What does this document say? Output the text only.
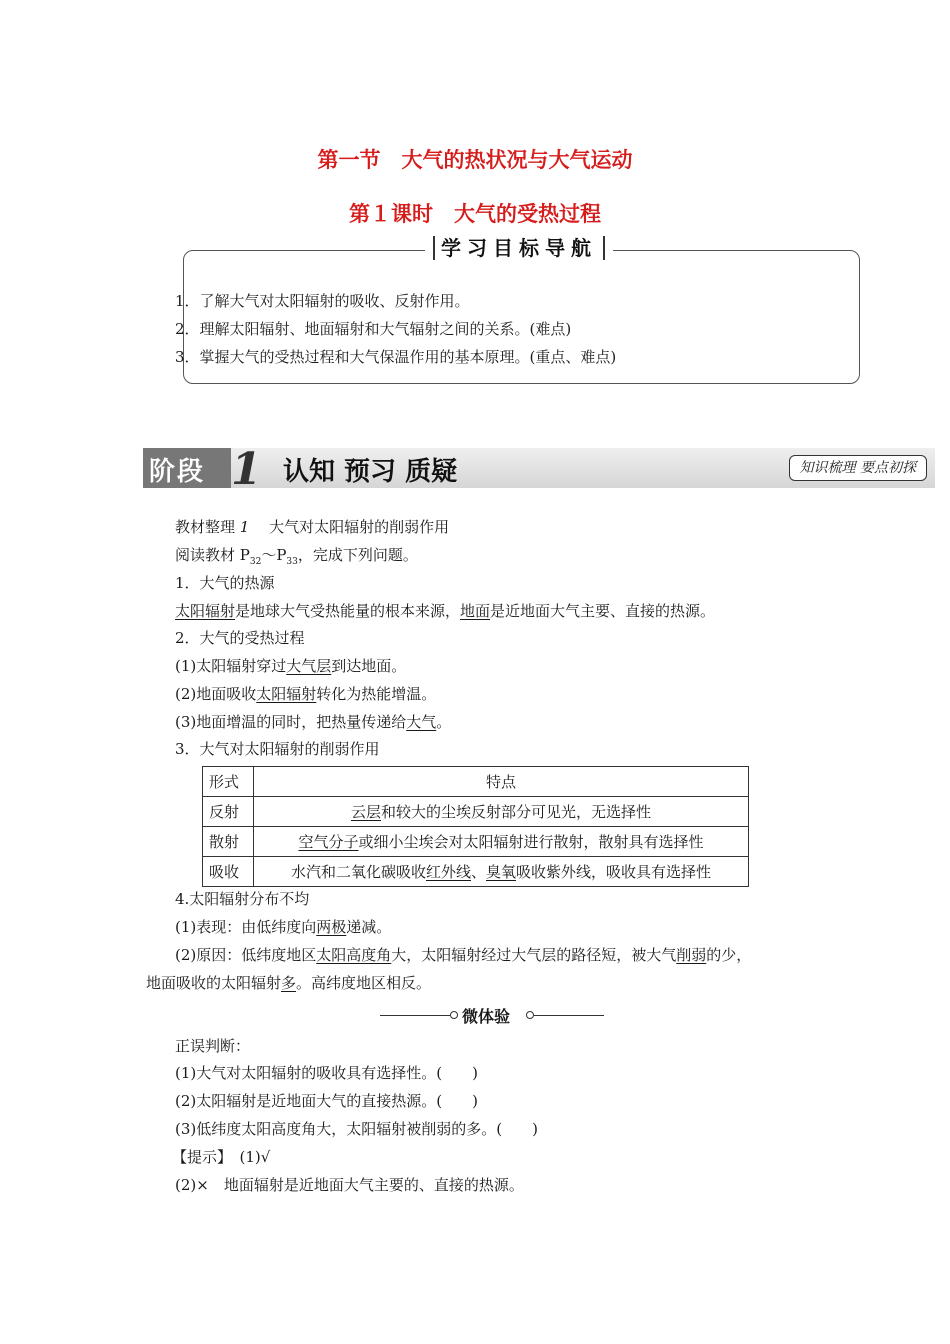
第一节　大气的热状况与大气运动
第１课时　大气的受热过程
学习目标导航
1．了解大气对太阳辐射的吸收、反射作用。
2．理解太阳辐射、地面辐射和大气辐射之间的关系。(难点)
3．掌握大气的受热过程和大气保温作用的基本原理。(重点、难点)
阶段 1 认知 预习 质疑	知识梳理 要点初探
教材整理 1　 大气对太阳辐射的削弱作用
阅读教材 $P_{32}\sim P_{33}$，完成下列问题。
1．大气的热源
太阳辐射是地球大气受热能量的根本来源，地面是近地面大气主要、直接的热源。
2．大气的受热过程
(1)太阳辐射穿过大气层到达地面。
(2)地面吸收太阳辐射转化为热能增温。
(3)地面增温的同时，把热量传递给大气。
3．大气对太阳辐射的削弱作用
形式	特点
反射	云层和较大的尘埃反射部分可见光，无选择性
散射	空气分子或细小尘埃会对太阳辐射进行散射，散射具有选择性
吸收	水汽和二氧化碳吸收红外线、臭氧吸收紫外线，吸收具有选择性
4.太阳辐射分布不均
(1)表现：由低纬度向两极递减。
(2)原因：低纬度地区太阳高度角大，太阳辐射经过大气层的路径短，被大气削弱的少，
地面吸收的太阳辐射多。高纬度地区相反。
微体验
正误判断：
(1)大气对太阳辐射的吸收具有选择性。(　　)
(2)太阳辐射是近地面大气的直接热源。(　　)
(3)低纬度太阳高度角大，太阳辐射被削弱的多。(　　)
【提示】　 (1)√
(2)×　地面辐射是近地面大气主要的、直接的热源。
